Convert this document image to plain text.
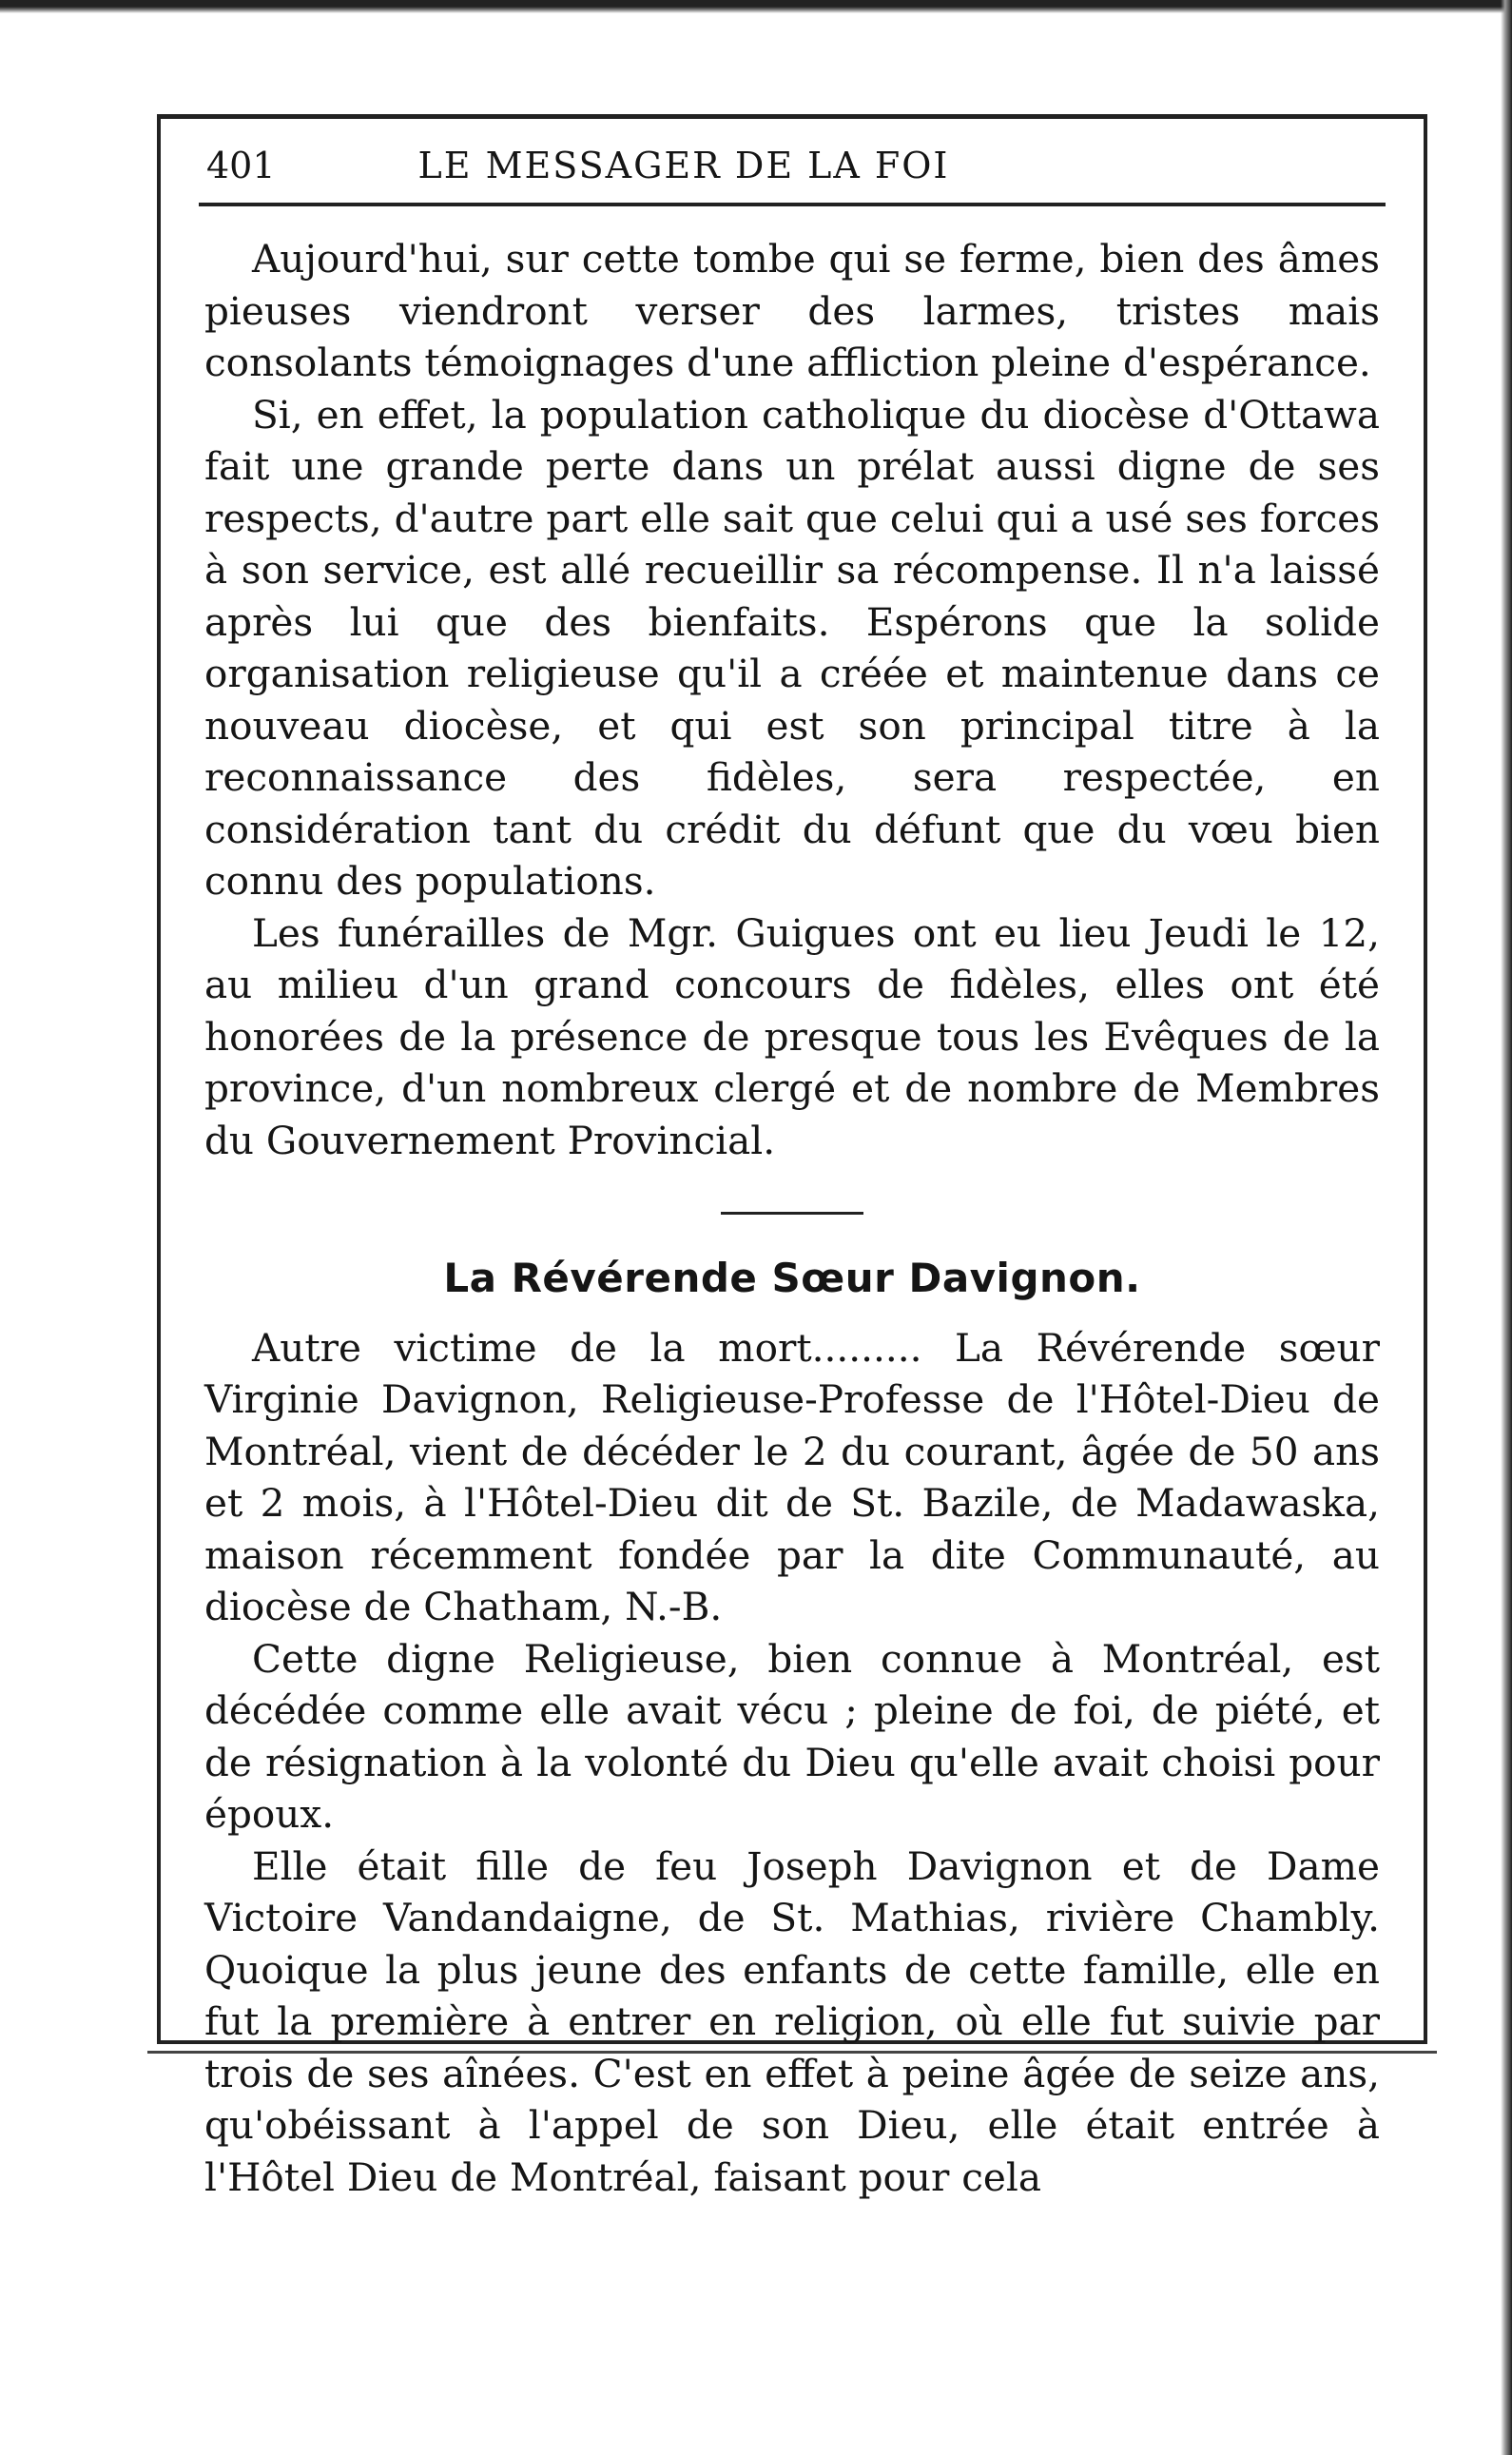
401	LE MESSAGER DE LA FOI

Aujourd'hui, sur cette tombe qui se ferme, bien des âmes pieuses viendront verser des larmes, tristes mais consolants témoignages d'une affliction pleine d'espérance.

Si, en effet, la population catholique du diocèse d'Ottawa fait une grande perte dans un prélat aussi digne de ses respects, d'autre part elle sait que celui qui a usé ses forces à son service, est allé recueillir sa récompense. Il n'a laissé après lui que des bienfaits. Espérons que la solide organisation religieuse qu'il a créée et maintenue dans ce nouveau diocèse, et qui est son principal titre à la reconnaissance des fidèles, sera respectée, en considération tant du crédit du défunt que du vœu bien connu des populations.

Les funérailles de Mgr. Guigues ont eu lieu Jeudi le 12, au milieu d'un grand concours de fidèles, elles ont été honorées de la présence de presque tous les Evêques de la province, d'un nombreux clergé et de nombre de Membres du Gouvernement Provincial.

La Révérende Sœur Davignon.

Autre victime de la mort......... La Révérende sœur Virginie Davignon, Religieuse-Professe de l'Hôtel-Dieu de Montréal, vient de décéder le 2 du courant, âgée de 50 ans et 2 mois, à l'Hôtel-Dieu dit de St. Bazile, de Madawaska, maison récemment fondée par la dite Communauté, au diocèse de Chatham, N.-B.

Cette digne Religieuse, bien connue à Montréal, est décédée comme elle avait vécu ; pleine de foi, de piété, et de résignation à la volonté du Dieu qu'elle avait choisi pour époux.

Elle était fille de feu Joseph Davignon et de Dame Victoire Vandandaigne, de St. Mathias, rivière Chambly. Quoique la plus jeune des enfants de cette famille, elle en fut la première à entrer en religion, où elle fut suivie par trois de ses aînées. C'est en effet à peine âgée de seize ans, qu'obéissant à l'appel de son Dieu, elle était entrée à l'Hôtel Dieu de Montréal, faisant pour cela
